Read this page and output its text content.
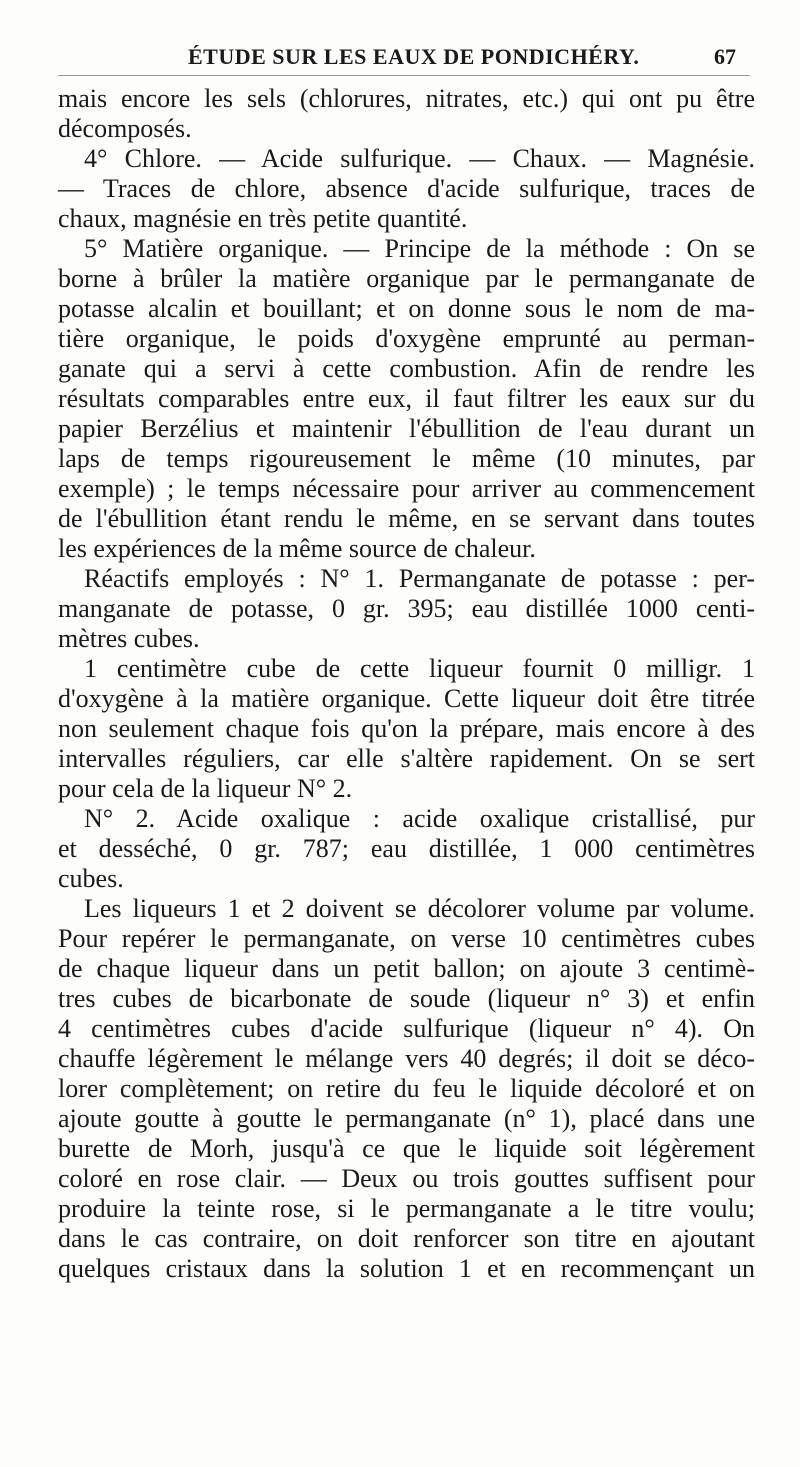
ÉTUDE SUR LES EAUX DE PONDICHÉRY.	67
mais encore les sels (chlorures, nitrates, etc.) qui ont pu être
décomposés.
4° Chlore. — Acide sulfurique. — Chaux. — Magnésie.
— Traces de chlore, absence d'acide sulfurique, traces de
chaux, magnésie en très petite quantité.
5° Matière organique. — Principe de la méthode : On se
borne à brûler la matière organique par le permanganate de
potasse alcalin et bouillant; et on donne sous le nom de ma-
tière organique, le poids d'oxygène emprunté au perman-
ganate qui a servi à cette combustion. Afin de rendre les
résultats comparables entre eux, il faut filtrer les eaux sur du
papier Berzélius et maintenir l'ébullition de l'eau durant un
laps de temps rigoureusement le même (10 minutes, par
exemple) ; le temps nécessaire pour arriver au commencement
de l'ébullition étant rendu le même, en se servant dans toutes
les expériences de la même source de chaleur.
Réactifs employés : N° 1. Permanganate de potasse : per-
manganate de potasse, 0 gr. 395; eau distillée 1000 centi-
mètres cubes.
1 centimètre cube de cette liqueur fournit 0 milligr. 1
d'oxygène à la matière organique. Cette liqueur doit être titrée
non seulement chaque fois qu'on la prépare, mais encore à des
intervalles réguliers, car elle s'altère rapidement. On se sert
pour cela de la liqueur N° 2.
N° 2. Acide oxalique : acide oxalique cristallisé, pur
et desséché, 0 gr. 787; eau distillée, 1 000 centimètres
cubes.
Les liqueurs 1 et 2 doivent se décolorer volume par volume.
Pour repérer le permanganate, on verse 10 centimètres cubes
de chaque liqueur dans un petit ballon; on ajoute 3 centimè-
tres cubes de bicarbonate de soude (liqueur n° 3) et enfin
4 centimètres cubes d'acide sulfurique (liqueur n° 4). On
chauffe légèrement le mélange vers 40 degrés; il doit se déco-
lorer complètement; on retire du feu le liquide décoloré et on
ajoute goutte à goutte le permanganate (n° 1), placé dans une
burette de Morh, jusqu'à ce que le liquide soit légèrement
coloré en rose clair. — Deux ou trois gouttes suffisent pour
produire la teinte rose, si le permanganate a le titre voulu;
dans le cas contraire, on doit renforcer son titre en ajoutant
quelques cristaux dans la solution 1 et en recommençant un
